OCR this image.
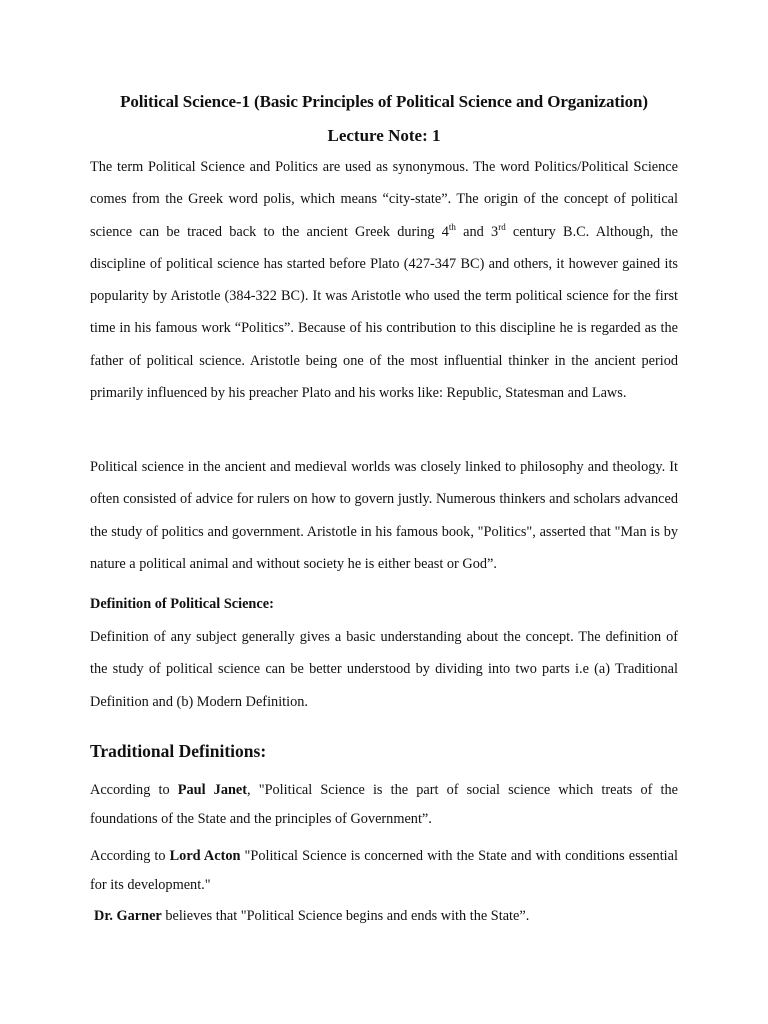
Political Science-1 (Basic Principles of Political Science and Organization)
Lecture Note: 1

The term Political Science and Politics are used as synonymous. The word Politics/Political Science comes from the Greek word polis, which means “city-state”. The origin of the concept of political science can be traced back to the ancient Greek during 4th and 3rd century B.C. Although, the discipline of political science has started before Plato (427-347 BC) and others, it however gained its popularity by Aristotle (384-322 BC). It was Aristotle who used the term political science for the first time in his famous work “Politics”. Because of his contribution to this discipline he is regarded as the father of political science. Aristotle being one of the most influential thinker in the ancient period primarily influenced by his preacher Plato and his works like: Republic, Statesman and Laws.

Political science in the ancient and medieval worlds was closely linked to philosophy and theology. It often consisted of advice for rulers on how to govern justly. Numerous thinkers and scholars advanced the study of politics and government. Aristotle in his famous book, "Politics", asserted that "Man is by nature a political animal and without society he is either beast or God”.

Definition of Political Science:

Definition of any subject generally gives a basic understanding about the concept. The definition of the study of political science can be better understood by dividing into two parts i.e (a) Traditional Definition and (b) Modern Definition.

Traditional Definitions:

According to Paul Janet, "Political Science is the part of social science which treats of the foundations of the State and the principles of Government”.

According to Lord Acton "Political Science is concerned with the State and with conditions essential for its development."

Dr. Garner believes that "Political Science begins and ends with the State”.
